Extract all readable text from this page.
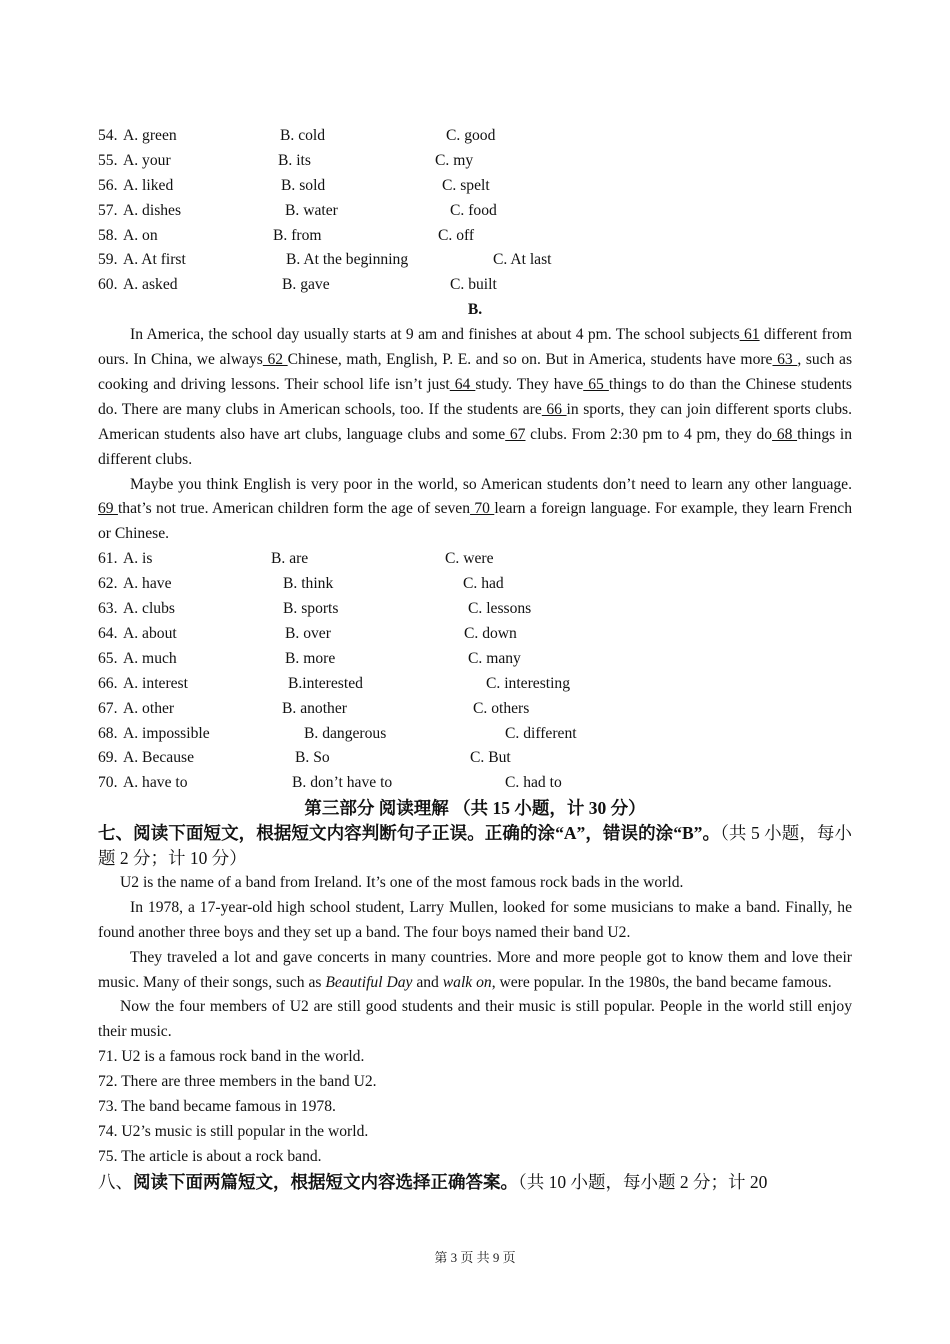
54. A. green	B. cold	C. good
55. A. your	B. its	C. my
56. A. liked	B. sold	C. spelt
57. A. dishes	B. water	C. food
58. A. on	B. from	C. off
59. A. At first	B. At the beginning	C. At last
60. A. asked	B. gave	C. built
B.

In America, the school day usually starts at 9 am and finishes at about 4 pm. The school subjects 61 different from ours. In China, we always 62 Chinese, math, English, P. E. and so on. But in America, students have more 63 , such as cooking and driving lessons. Their school life isn’t just 64 study. They have 65 things to do than the Chinese students do. There are many clubs in American schools, too. If the students are 66 in sports, they can join different sports clubs. American students also have art clubs, language clubs and some 67 clubs. From 2:30 pm to 4 pm, they do 68 things in different clubs.

Maybe you think English is very poor in the world, so American students don’t need to learn any other language. 69 that’s not true. American children form the age of seven 70 learn a foreign language. For example, they learn French or Chinese.

61. A. is	B. are	C. were
62. A. have	B. think	C. had
63. A. clubs	B. sports	C. lessons
64. A. about	B. over	C. down
65. A. much	B. more	C. many
66. A. interest	B.interested	C. interesting
67. A. other	B. another	C. others
68. A. impossible	B. dangerous	C. different
69. A. Because	B. So	C. But
70. A. have to	B. don’t have to	C. had to
第三部分 阅读理解 （共 15 小题，计 30 分）

七、阅读下面短文，根据短文内容判断句子正误。正确的涂“A”，错误的涂“B”。（共 5 小题，每小题 2 分；计 10 分）

U2 is the name of a band from Ireland. It’s one of the most famous rock bads in the world.

In 1978, a 17-year-old high school student, Larry Mullen, looked for some musicians to make a band. Finally, he found another three boys and they set up a band. The four boys named their band U2.

They traveled a lot and gave concerts in many countries. More and more people got to know them and love their music. Many of their songs, such as Beautiful Day and walk on, were popular. In the 1980s, the band became famous.

Now the four members of U2 are still good students and their music is still popular. People in the world still enjoy their music.

71. U2 is a famous rock band in the world.
72. There are three members in the band U2.
73. The band became famous in 1978.
74. U2’s music is still popular in the world.
75. The article is about a rock band.
八、阅读下面两篇短文，根据短文内容选择正确答案。（共 10 小题，每小题 2 分；计 20
第 3 页 共 9 页
